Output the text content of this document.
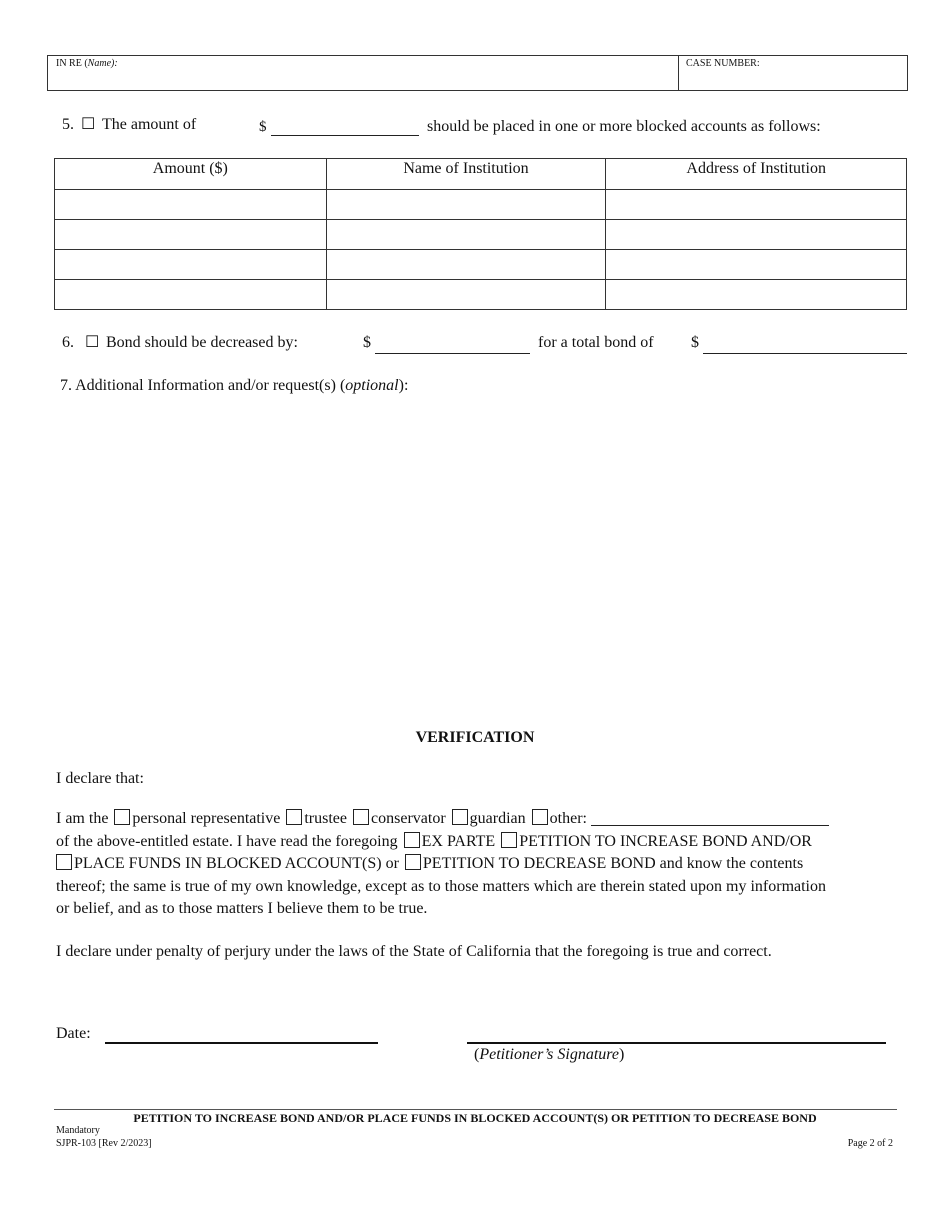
IN RE (Name):	CASE NUMBER:
5. ☐ The amount of	$	should be placed in one or more blocked accounts as follows:
Amount ($)	Name of Institution	Address of Institution

6. ☐ Bond should be decreased by:	$	for a total bond of $
7. Additional Information and/or request(s) (optional):
VERIFICATION
I declare that:
I am the personal representative trustee conservator guardian other:
of the above-entitled estate. I have read the foregoing EX PARTE PETITION TO INCREASE BOND AND/OR
PLACE FUNDS IN BLOCKED ACCOUNT(S) or PETITION TO DECREASE BOND and know the contents
thereof; the same is true of my own knowledge, except as to those matters which are therein stated upon my information
or belief, and as to those matters I believe them to be true.
I declare under penalty of perjury under the laws of the State of California that the foregoing is true and correct.
Date:
(Petitioner’s Signature)
PETITION TO INCREASE BOND AND/OR PLACE FUNDS IN BLOCKED ACCOUNT(S) OR PETITION TO DECREASE BOND
Mandatory
SJPR-103 [Rev 2/2023]	Page 2 of 2
